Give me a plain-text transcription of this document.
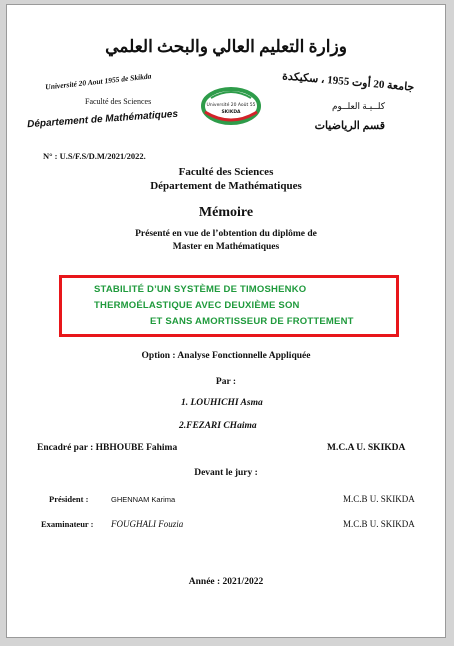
وزارة التعليم العالي والبحث العلمي
Université 20 Aout 1955 de Skikda
Faculté des Sciences
Département de Mathématiques
Université 20 Août 55
SKIKDA
جامعة 20 أوت 1955 ، سكيكدة
كلــيـة العلــوم
قسم الرياضيات
N° : U.S/F.S/D.M/2021/2022.
Faculté des Sciences
Département de Mathématiques
Mémoire
Présenté en vue de l’obtention du diplôme de
Master en Mathématiques
STABILITÉ D’UN SYSTÈME DE TIMOSHENKO
THERMOÉLASTIQUE AVEC DEUXIÈME SON
ET SANS AMORTISSEUR DE FROTTEMENT
Option : Analyse Fonctionnelle Appliquée
Par :
1. LOUHICHI Asma
2.FEZARI CHaima
Encadré par : HBHOUBE Fahima	M.C.A U. SKIKDA
Devant le jury :
Président :	GHENNAM Karima	M.C.B U. SKIKDA
Examinateur : FOUGHALI Fouzia	M.C.B U. SKIKDA
Année : 2021/2022
